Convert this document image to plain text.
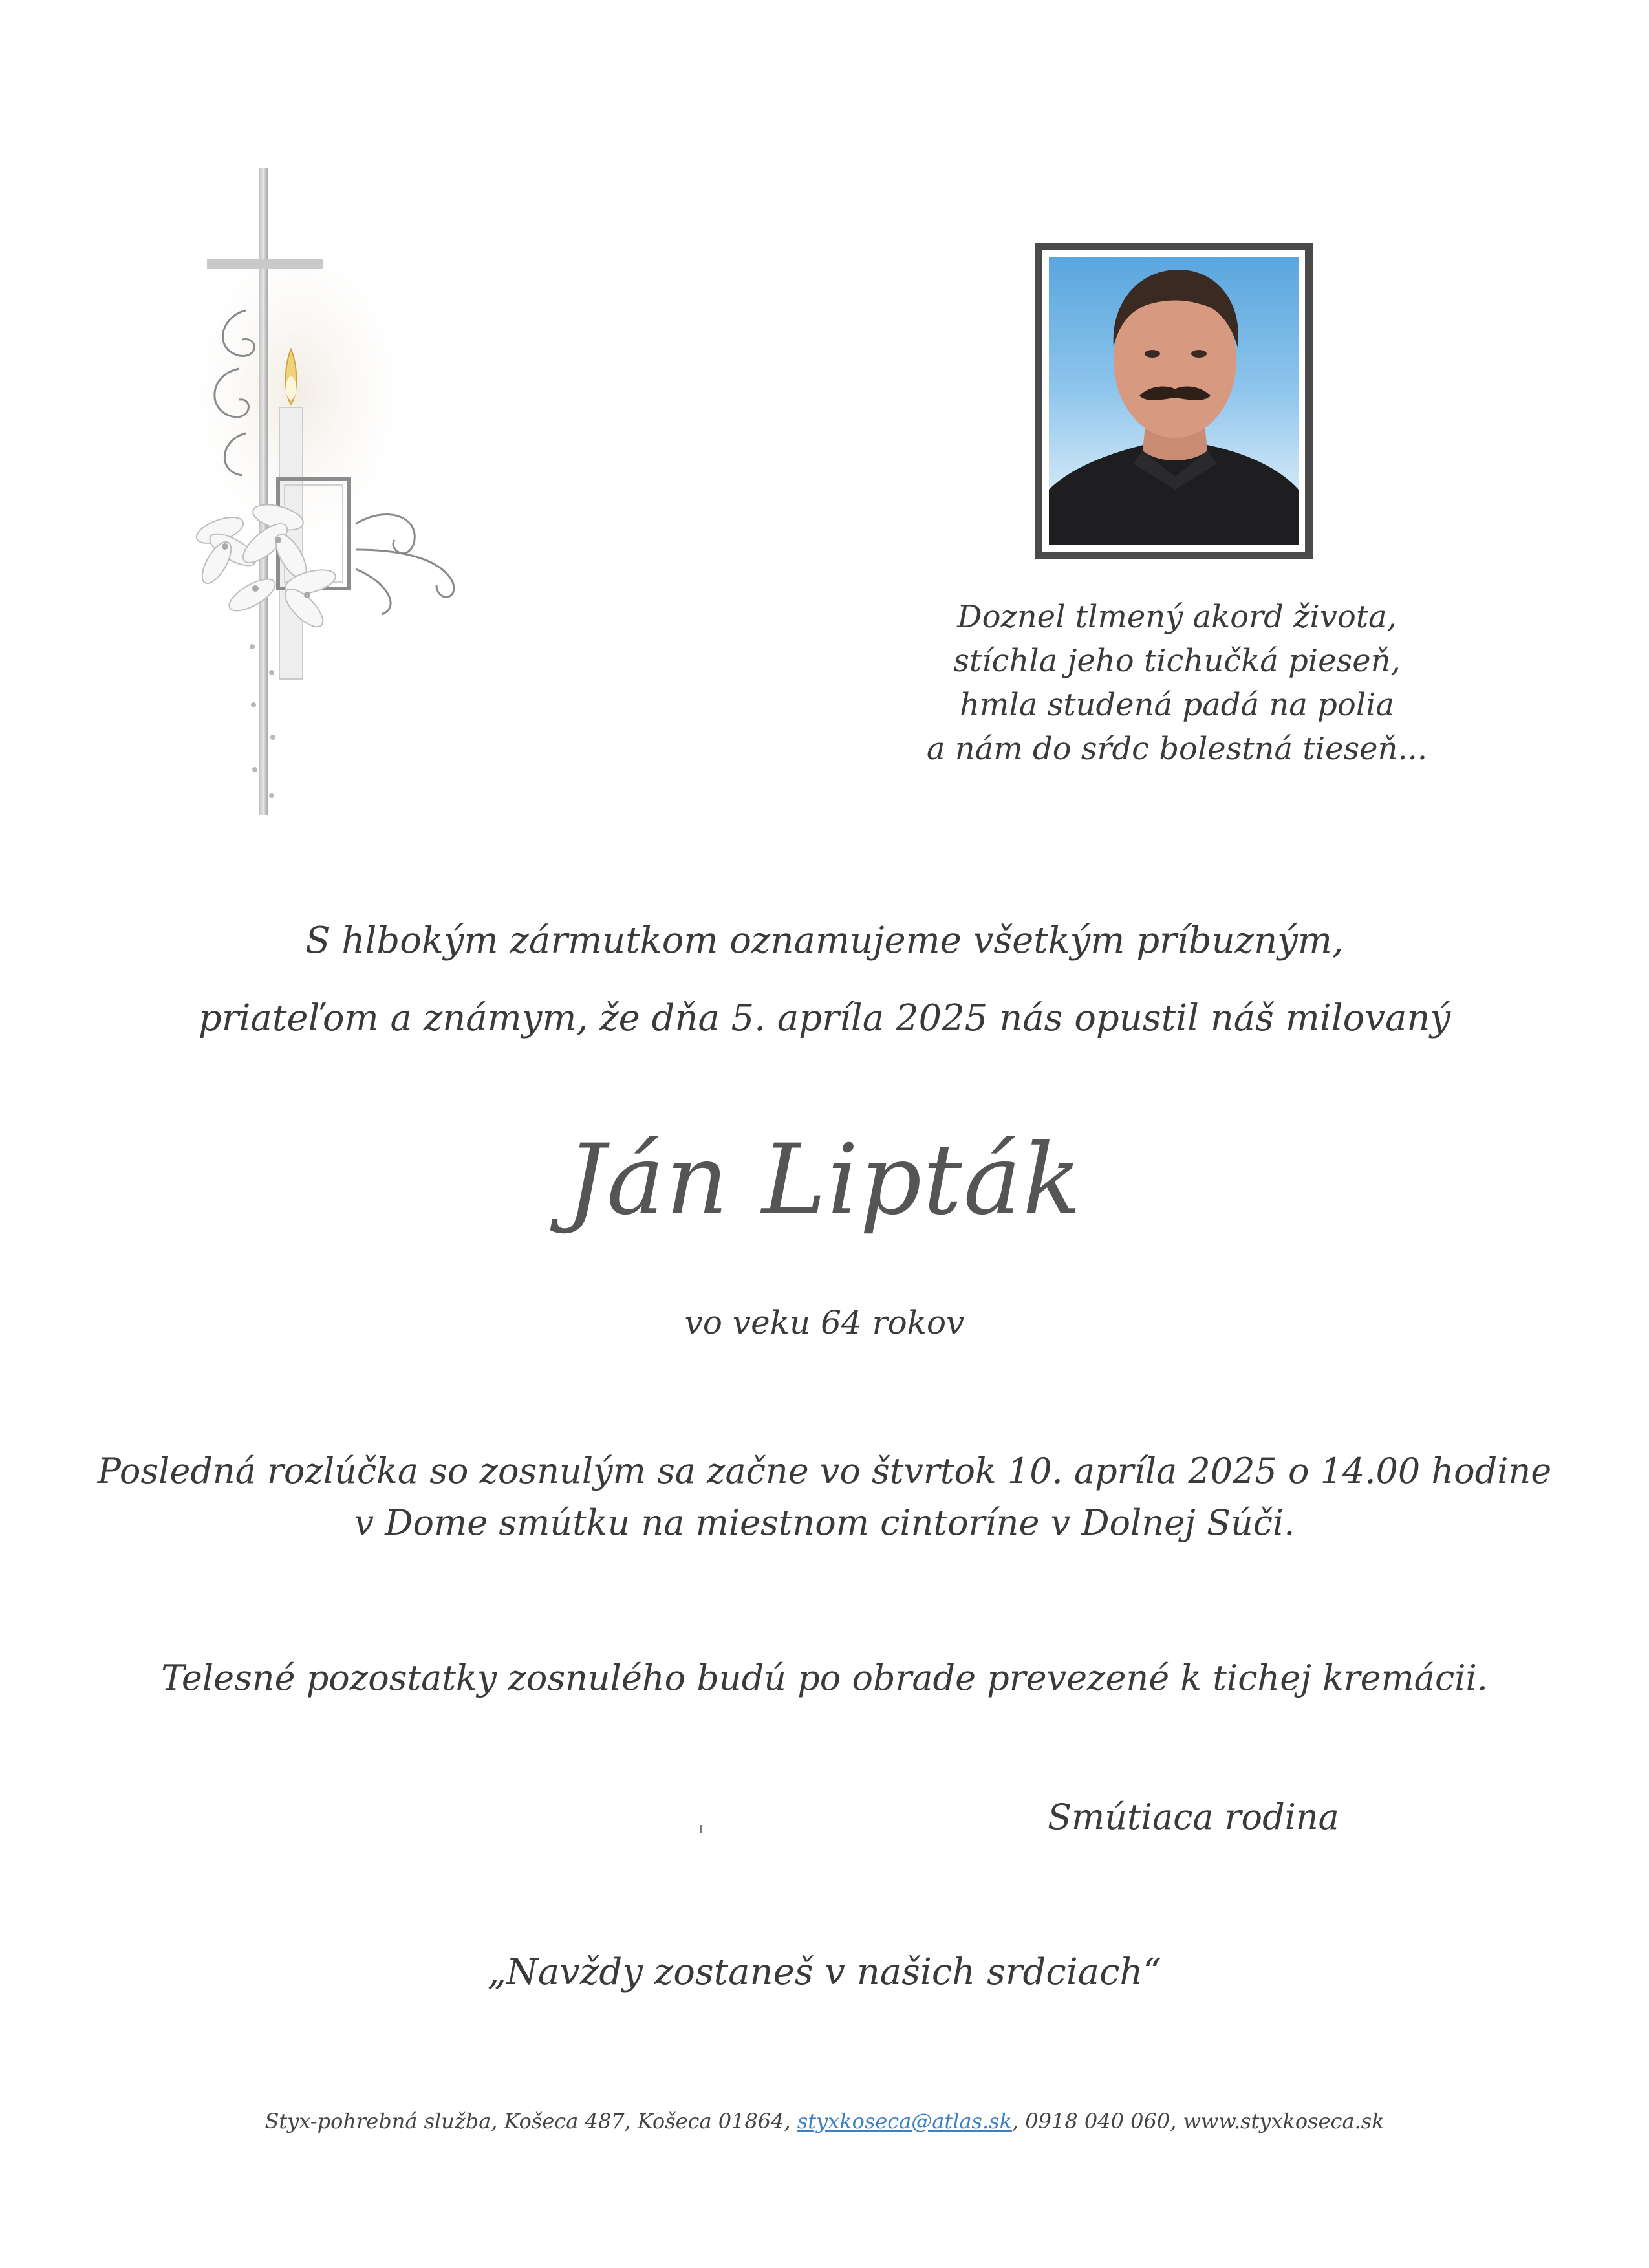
Doznel tlmený akord života,
stíchla jeho tichučká pieseň,
hmla studená padá na polia
a nám do sŕdc bolestná tieseň...
S hlbokým zármutkom oznamujeme všetkým príbuzným,
priateľom a známym, že dňa 5. apríla 2025 nás opustil náš milovaný
Ján Lipták
vo veku 64 rokov
Posledná rozlúčka so zosnulým sa začne vo štvrtok 10. apríla 2025 o 14.00 hodine
v Dome smútku na miestnom cintoríne v Dolnej Súči.
Telesné pozostatky zosnulého budú po obrade prevezené k tichej kremácii.
Smútiaca rodina
„Navždy zostaneš v našich srdciach“
Styx-pohrebná služba, Košeca 487, Košeca 01864, styxkoseca@atlas.sk, 0918 040 060, www.styxkoseca.sk
